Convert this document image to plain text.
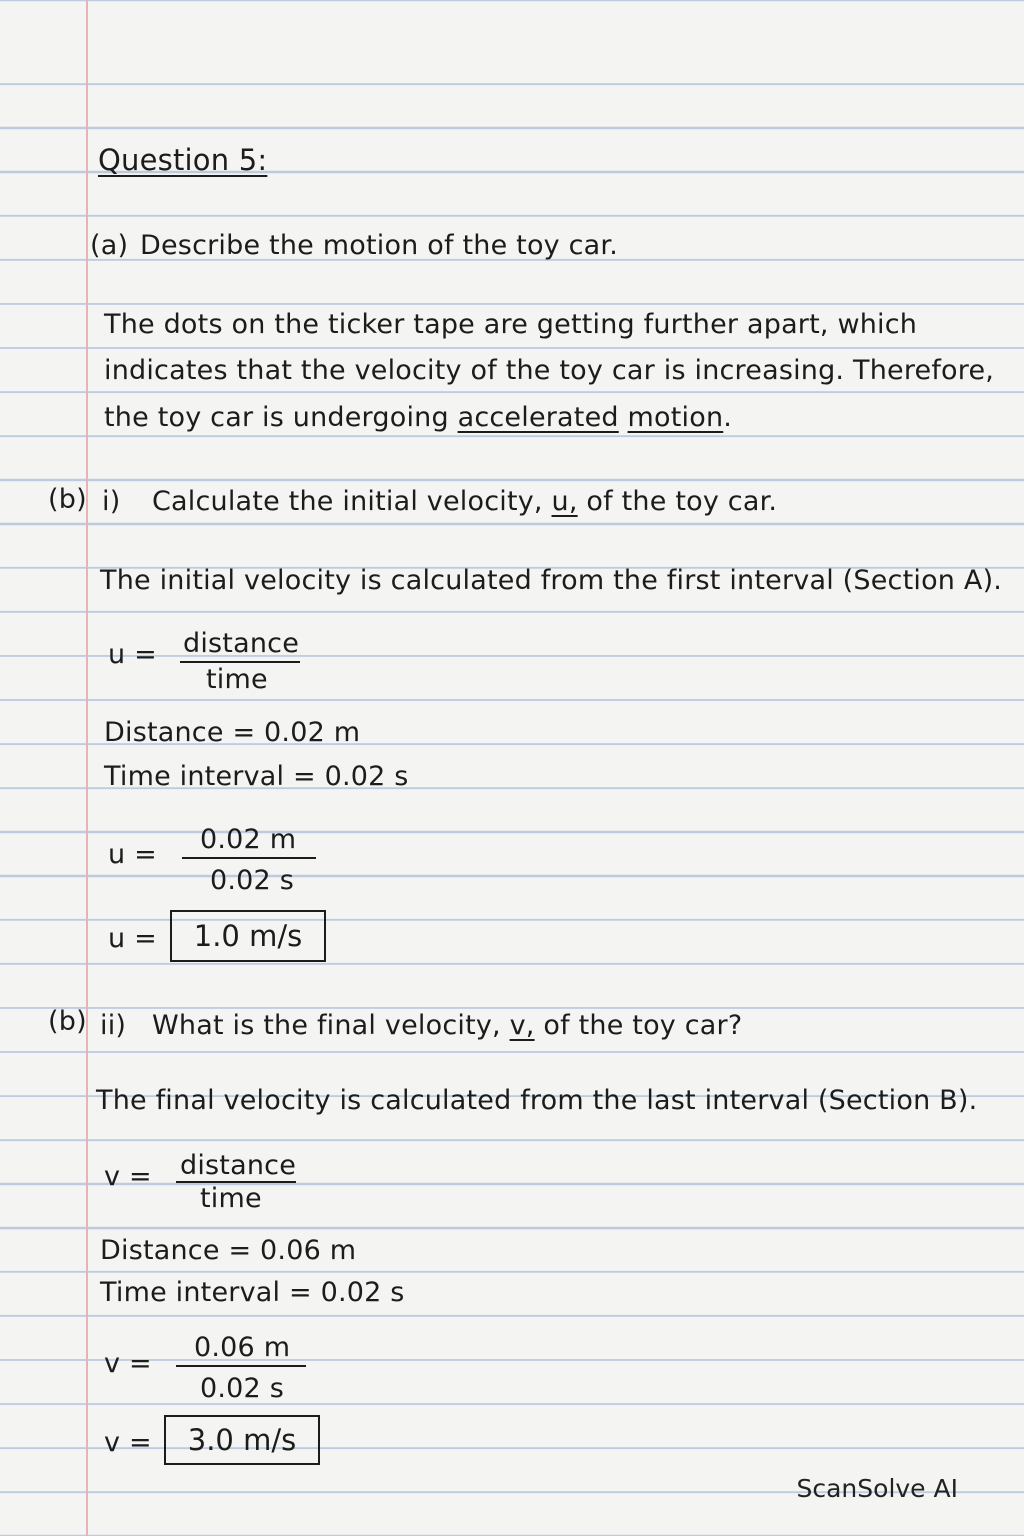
Question 5:
(a) Describe the motion of the toy car.
The dots on the ticker tape are getting further apart, which
indicates that the velocity of the toy car is increasing. Therefore,
the toy car is undergoing accelerated motion.
(b) i) Calculate the initial velocity, u, of the toy car.
The initial velocity is calculated from the first interval (Section A).
u = distance
time
Distance = 0.02 m
Time interval = 0.02 s
u = 0.02 m
0.02 s
u =	1.0 m/s
(b) ii) What is the final velocity, v, of the toy car?
The final velocity is calculated from the last interval (Section B).
v = distance
time
Distance = 0.06 m
Time interval = 0.02 s
v =
0.06 m
0.02 s
v =	3.0 m/s
ScanSolve AI
